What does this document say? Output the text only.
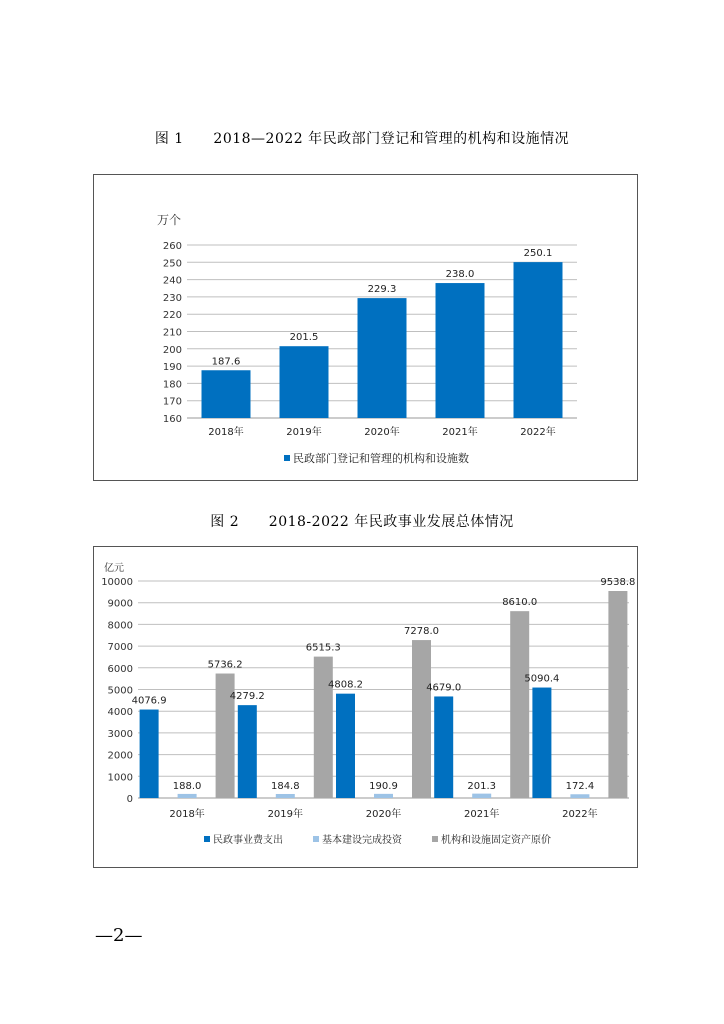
图 1      2018—2022 年民政部门登记和管理的机构和设施情况
160
170
180
190
200
210
220
230
240
250
260
万个
187.6
2018年
201.5
2019年
229.3
2020年
238.0
2021年
250.1
2022年
民政部门登记和管理的机构和设施数
图 2      2018-2022 年民政事业发展总体情况
0
1000
2000
3000
4000
5000
6000
7000
8000
9000
10000
亿元
4076.9
188.0
5736.2
2018年
4279.2
184.8
6515.3
2019年
4808.2
190.9
7278.0
2020年
4679.0
201.3
8610.0
2021年
5090.4
172.4
9538.8
2022年
民政事业费支出	基本建设完成投资	机构和设施固定资产原价
—2—
